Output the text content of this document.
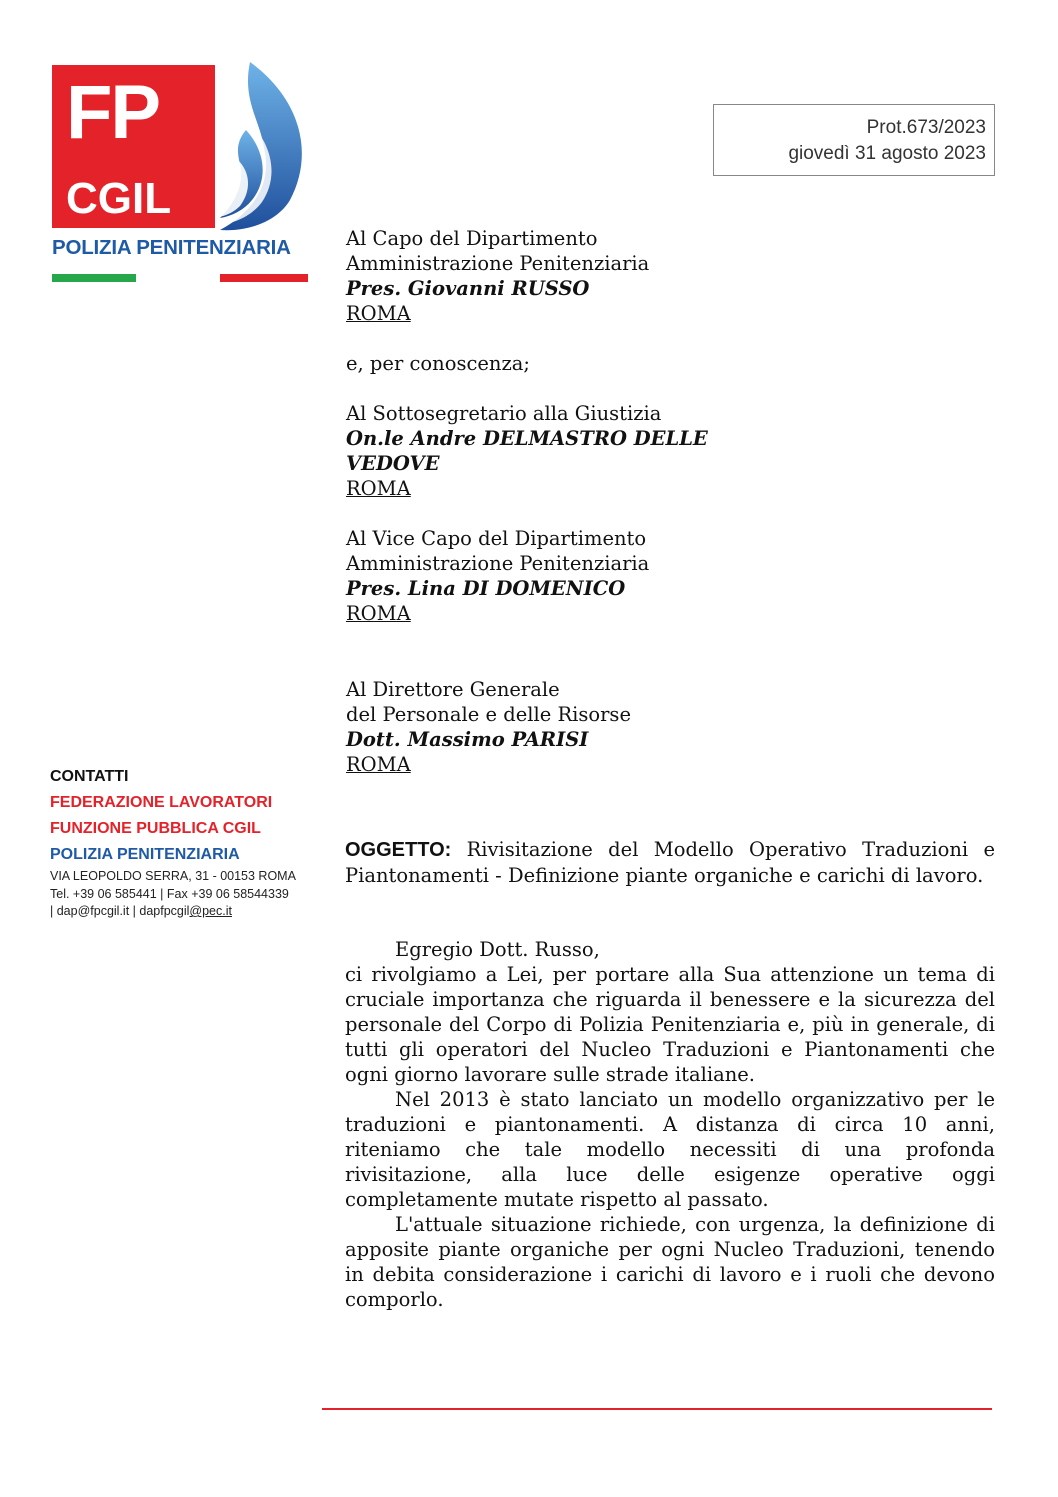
FP
CGIL
POLIZIA PENITENZIARIA
Prot.673/2023
giovedì 31 agosto 2023
Al Capo del Dipartimento
Amministrazione Penitenziaria
Pres. Giovanni RUSSO
ROMA
e, per conoscenza;
Al Sottosegretario alla Giustizia
On.le Andre DELMASTRO DELLE
VEDOVE
ROMA
Al Vice Capo del Dipartimento
Amministrazione Penitenziaria
Pres. Lina DI DOMENICO
ROMA
Al Direttore Generale
del Personale e delle Risorse
Dott. Massimo PARISI
ROMA
CONTATTI
FEDERAZIONE LAVORATORI
FUNZIONE PUBBLICA CGIL
POLIZIA PENITENZIARIA
VIA LEOPOLDO SERRA, 31 - 00153 ROMA
Tel. +39 06 585441 | Fax +39 06 58544339
| dap@fpcgil.it | dapfpcgil@pec.it
OGGETTO: Rivisitazione del Modello Operativo Traduzioni e Piantonamenti - Definizione piante organiche e carichi di lavoro.

Egregio Dott. Russo,

ci rivolgiamo a Lei, per portare alla Sua attenzione un tema di cruciale importanza che riguarda il benessere e la sicurezza del personale del Corpo di Polizia Penitenziaria e, più in generale, di tutti gli operatori del Nucleo Traduzioni e Piantonamenti che ogni giorno lavorare sulle strade italiane.

Nel 2013 è stato lanciato un modello organizzativo per le traduzioni e piantonamenti. A distanza di circa 10 anni, riteniamo che tale modello necessiti di una profonda rivisitazione, alla luce delle esigenze operative oggi completamente mutate rispetto al passato.

L'attuale situazione richiede, con urgenza, la definizione di apposite piante organiche per ogni Nucleo Traduzioni, tenendo in debita considerazione i carichi di lavoro e i ruoli che devono comporlo.
